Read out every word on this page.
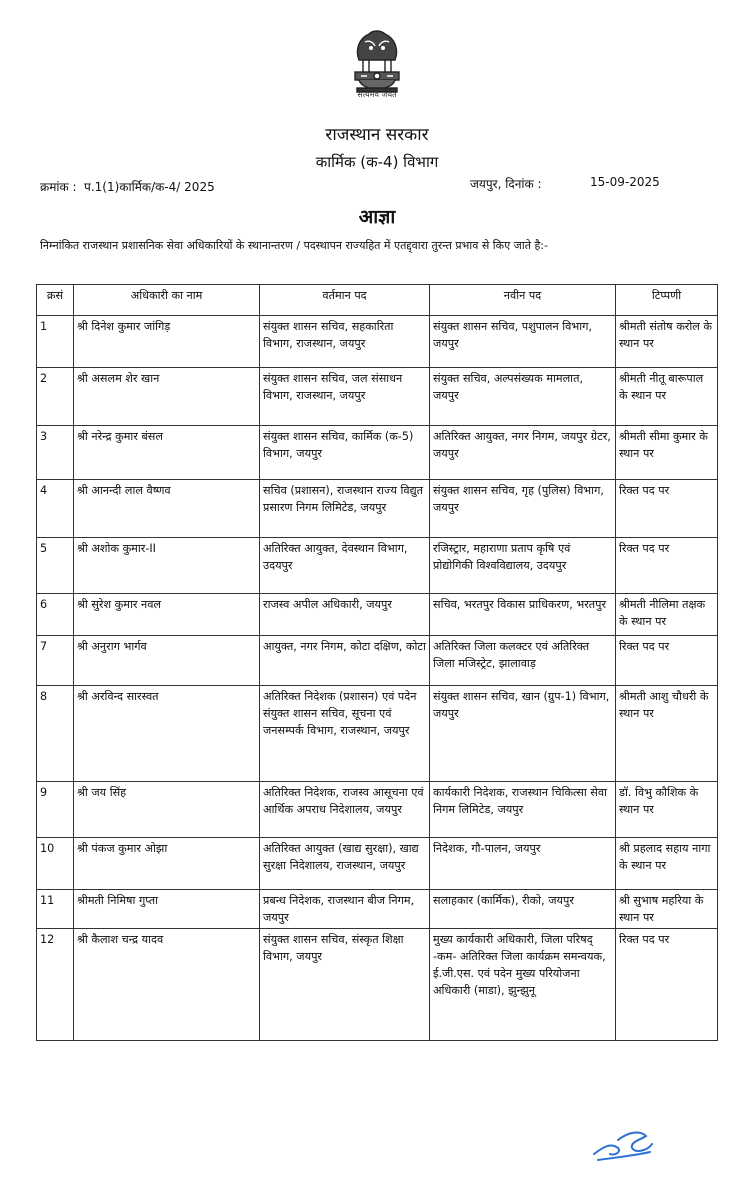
सत्यमेव जयते
राजस्थान सरकार
कार्मिक (क-4) विभाग
क्रमांक : प.1(1)कार्मिक/क-4/ 2025	जयपुर, दिनांक :	15-09-2025
आज्ञा
निम्नांकित राजस्थान प्रशासनिक सेवा अधिकारियों के स्थानान्तरण / पदस्थापन राज्यहित में एतद्द्वारा तुरन्त प्रभाव से किए जाते है:-
क्रसं	अधिकारी का नाम	वर्तमान पद	नवीन पद	टिप्पणी
1	श्री दिनेश कुमार जांगिड़	संयुक्त शासन सचिव, सहकारिता विभाग, राजस्थान, जयपुर	संयुक्त शासन सचिव, पशुपालन विभाग, जयपुर	श्रीमती संतोष करोल के स्थान पर
2	श्री असलम शेर खान	संयुक्त शासन सचिव, जल संसाधन विभाग, राजस्थान, जयपुर	संयुक्त सचिव, अल्पसंख्यक मामलात, जयपुर	श्रीमती नीतू बारूपाल के स्थान पर
3	श्री नरेन्द्र कुमार बंसल	संयुक्त शासन सचिव, कार्मिक (क-5) विभाग, जयपुर	अतिरिक्त आयुक्त, नगर निगम, जयपुर ग्रेटर, जयपुर	श्रीमती सीमा कुमार के स्थान पर
4	श्री आनन्दी लाल वैष्णव	सचिव (प्रशासन), राजस्थान राज्य विद्युत प्रसारण निगम लिमिटेड, जयपुर	संयुक्त शासन सचिव, गृह (पुलिस) विभाग, जयपुर	रिक्त पद पर
5	श्री अशोक कुमार-II	अतिरिक्त आयुक्त, देवस्थान विभाग, उदयपुर	रजिस्ट्रार, महाराणा प्रताप कृषि एवं प्रोद्योगिकी विश्वविद्यालय, उदयपुर	रिक्त पद पर
6	श्री सुरेश कुमार नवल	राजस्व अपील अधिकारी, जयपुर	सचिव, भरतपुर विकास प्राधिकरण, भरतपुर	श्रीमती नीलिमा तक्षक के स्थान पर
7	श्री अनुराग भार्गव	आयुक्त, नगर निगम, कोटा दक्षिण, कोटा	अतिरिक्त जिला कलक्टर एवं अतिरिक्त जिला मजिस्ट्रेट, झालावाड़	रिक्त पद पर
8	श्री अरविन्द सारस्वत	अतिरिक्त निदेशक (प्रशासन) एवं पदेन संयुक्त शासन सचिव, सूचना एवं जनसम्पर्क विभाग, राजस्थान, जयपुर	संयुक्त शासन सचिव, खान (ग्रुप-1) विभाग, जयपुर	श्रीमती आशु चौधरी के स्थान पर
9	श्री जय सिंह	अतिरिक्त निदेशक, राजस्व आसूचना एवं आर्थिक अपराध निदेशालय, जयपुर	कार्यकारी निदेशक, राजस्थान चिकित्सा सेवा निगम लिमिटेड, जयपुर	डॉ. विभु कौशिक के स्थान पर
10	श्री पंकज कुमार ओझा	अतिरिक्त आयुक्त (खाद्य सुरक्षा), खाद्य सुरक्षा निदेशालय, राजस्थान, जयपुर	निदेशक, गौ-पालन, जयपुर	श्री प्रहलाद सहाय नागा के स्थान पर
11	श्रीमती निमिषा गुप्ता	प्रबन्ध निदेशक, राजस्थान बीज निगम, जयपुर	सलाहकार (कार्मिक), रीको, जयपुर	श्री सुभाष महरिया के स्थान पर
12	श्री कैलाश चन्द्र यादव	संयुक्त शासन सचिव, संस्कृत शिक्षा विभाग, जयपुर	मुख्य कार्यकारी अधिकारी, जिला परिषद् -कम- अतिरिक्त जिला कार्यक्रम समन्वयक, ई.जी.एस. एवं पदेन मुख्य परियोजना अधिकारी (माडा), झुन्झुनू	रिक्त पद पर
